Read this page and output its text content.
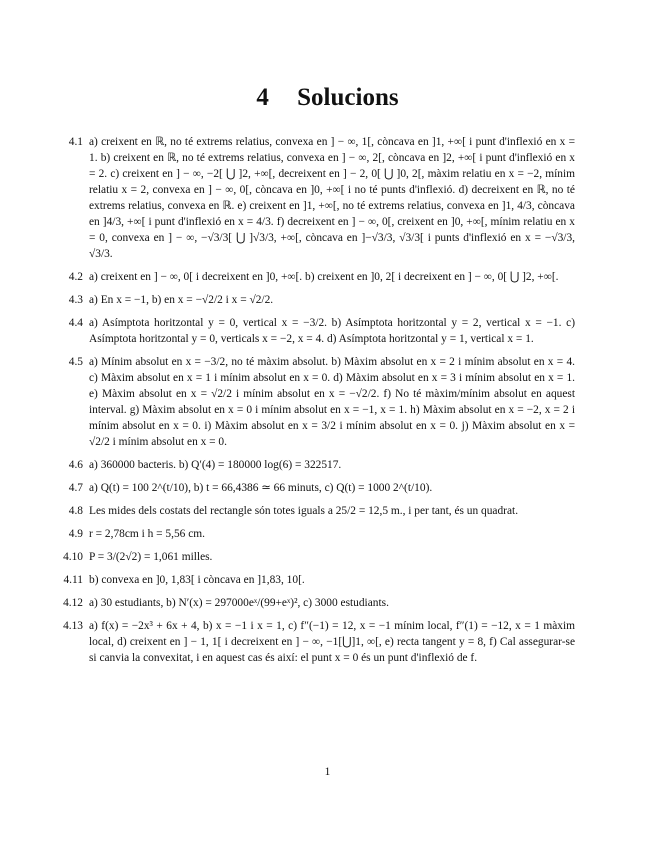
4 Solucions
4.1 a) creixent en ℝ, no té extrems relatius, convexa en ] − ∞, 1[, còncava en ]1, +∞[ i punt d'inflexió en x = 1. b) creixent en ℝ, no té extrems relatius, convexa en ] − ∞, 2[, còncava en ]2, +∞[ i punt d'inflexió en x = 2. c) creixent en ] − ∞, −2[ ⋃ ]2, +∞[, decreixent en ] − 2, 0[ ⋃ ]0, 2[, màxim relatiu en x = −2, mínim relatiu x = 2, convexa en ] − ∞, 0[, còncava en ]0, +∞[ i no té punts d'inflexió. d) decreixent en ℝ, no té extrems relatius, convexa en ℝ. e) creixent en ]1, +∞[, no té extrems relatius, convexa en ]1, 4/3, còncava en ]4/3, +∞[ i punt d'inflexió en x = 4/3. f) decreixent en ] − ∞, 0[, creixent en ]0, +∞[, mínim relatiu en x = 0, convexa en ] − ∞, −√3/3[ ⋃ ]√3/3, +∞[, còncava en ]−√3/3, √3/3[ i punts d'inflexió en x = −√3/3, √3/3.
4.2 a) creixent en ] − ∞, 0[ i decreixent en ]0, +∞[. b) creixent en ]0, 2[ i decreixent en ] − ∞, 0[ ⋃ ]2, +∞[.
4.3 a) En x = −1, b) en x = −√2/2 i x = √2/2.
4.4 a) Asímptota horitzontal y = 0, vertical x = −3/2. b) Asímptota horitzontal y = 2, vertical x = −1. c) Asímptota horitzontal y = 0, verticals x = −2, x = 4. d) Asímptota horitzontal y = 1, vertical x = 1.
4.5 a) Mínim absolut en x = −3/2, no té màxim absolut. b) Màxim absolut en x = 2 i mínim absolut en x = 4. c) Màxim absolut en x = 1 i mínim absolut en x = 0. d) Màxim absolut en x = 3 i mínim absolut en x = 1. e) Màxim absolut en x = √2/2 i mínim absolut en x = −√2/2. f) No té màxim/mínim absolut en aquest interval. g) Màxim absolut en x = 0 i mínim absolut en x = −1, x = 1. h) Màxim absolut en x = −2, x = 2 i mínim absolut en x = 0. i) Màxim absolut en x = 3/2 i mínim absolut en x = 0. j) Màxim absolut en x = √2/2 i mínim absolut en x = 0.
4.6 a) 360000 bacteris. b) Q′(4) = 180000 log(6) = 322517.
4.7 a) Q(t) = 100 2^(t/10), b) t = 66,4386 ≃ 66 minuts, c) Q(t) = 1000 2^(t/10).
4.8 Les mides dels costats del rectangle són totes iguals a 25/2 = 12,5 m., i per tant, és un quadrat.
4.9 r = 2,78cm i h = 5,56 cm.
4.10 P = 3/(2√2) = 1,061 milles.
4.11 b) convexa en ]0, 1,83[ i còncava en ]1,83, 10[.
4.12 a) 30 estudiants, b) N′(x) = 297000eˣ/(99+eˣ)², c) 3000 estudiants.
4.13 a) f(x) = −2x³ + 6x + 4, b) x = −1 i x = 1, c) f″(−1) = 12, x = −1 mínim local, f″(1) = −12, x = 1 màxim local, d) creixent en ] − 1, 1[ i decreixent en ] − ∞, −1[⋃]1, ∞[, e) recta tangent y = 8, f) Cal assegurar-se si canvia la convexitat, i en aquest cas és així: el punt x = 0 és un punt d'inflexió de f.
1
